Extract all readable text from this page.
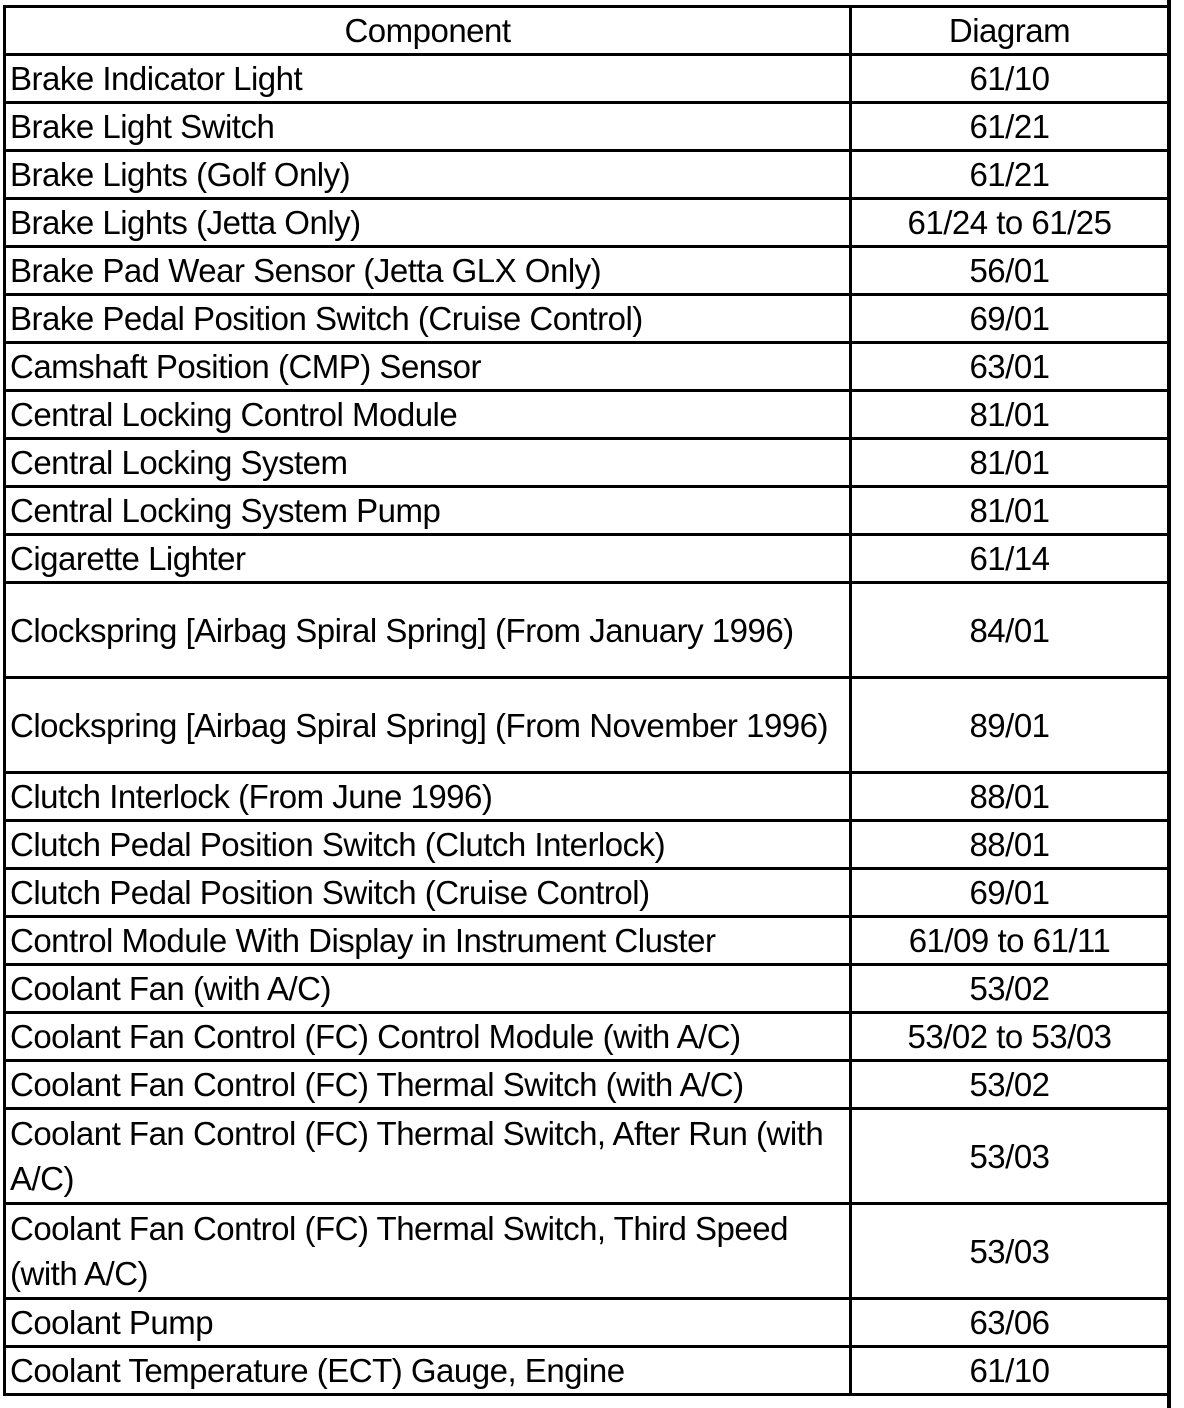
Component	Diagram
Brake Indicator Light	61/10
Brake Light Switch	61/21
Brake Lights (Golf Only)	61/21
Brake Lights (Jetta Only)	61/24 to 61/25
Brake Pad Wear Sensor (Jetta GLX Only)	56/01
Brake Pedal Position Switch (Cruise Control)	69/01
Camshaft Position (CMP) Sensor	63/01
Central Locking Control Module	81/01
Central Locking System	81/01
Central Locking System Pump	81/01
Cigarette Lighter	61/14
Clockspring [Airbag Spiral Spring] (From January 1996)	84/01
Clockspring [Airbag Spiral Spring] (From November 1996)	89/01
Clutch Interlock (From June 1996)	88/01
Clutch Pedal Position Switch (Clutch Interlock)	88/01
Clutch Pedal Position Switch (Cruise Control)	69/01
Control Module With Display in Instrument Cluster	61/09 to 61/11
Coolant Fan (with A/C)	53/02
Coolant Fan Control (FC) Control Module (with A/C)	53/02 to 53/03
Coolant Fan Control (FC) Thermal Switch (with A/C)	53/02
Coolant Fan Control (FC) Thermal Switch, After Run (with A/C)	53/03
Coolant Fan Control (FC) Thermal Switch, Third Speed (with A/C)	53/03
Coolant Pump	63/06
Coolant Temperature (ECT) Gauge, Engine	61/10
